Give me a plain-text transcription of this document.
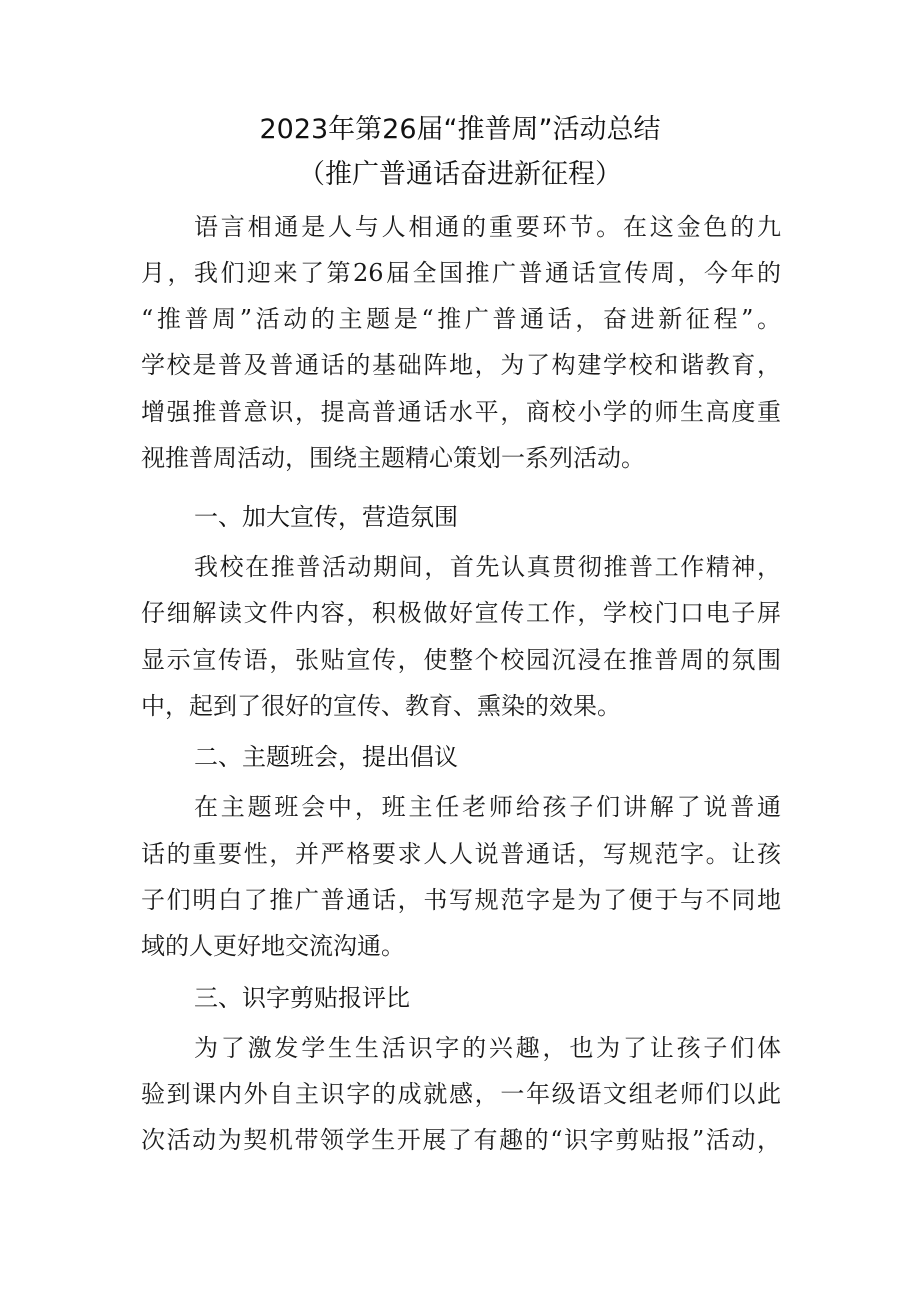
2023年第26届“推普周”活动总结
（推广普通话奋进新征程）
语言相通是人与人相通的重要环节。在这金色的九
月，我们迎来了第26届全国推广普通话宣传周，今年的
“推普周”活动的主题是“推广普通话，奋进新征程”。
学校是普及普通话的基础阵地，为了构建学校和谐教育，
增强推普意识，提高普通话水平，商校小学的师生高度重
视推普周活动，围绕主题精心策划一系列活动。
一、加大宣传，营造氛围
我校在推普活动期间，首先认真贯彻推普工作精神，
仔细解读文件内容，积极做好宣传工作，学校门口电子屏
显示宣传语，张贴宣传，使整个校园沉浸在推普周的氛围
中，起到了很好的宣传、教育、熏染的效果。
二、主题班会，提出倡议
在主题班会中，班主任老师给孩子们讲解了说普通
话的重要性，并严格要求人人说普通话，写规范字。让孩
子们明白了推广普通话，书写规范字是为了便于与不同地
域的人更好地交流沟通。
三、识字剪贴报评比
为了激发学生生活识字的兴趣，也为了让孩子们体
验到课内外自主识字的成就感，一年级语文组老师们以此
次活动为契机带领学生开展了有趣的“识字剪贴报”活动，
